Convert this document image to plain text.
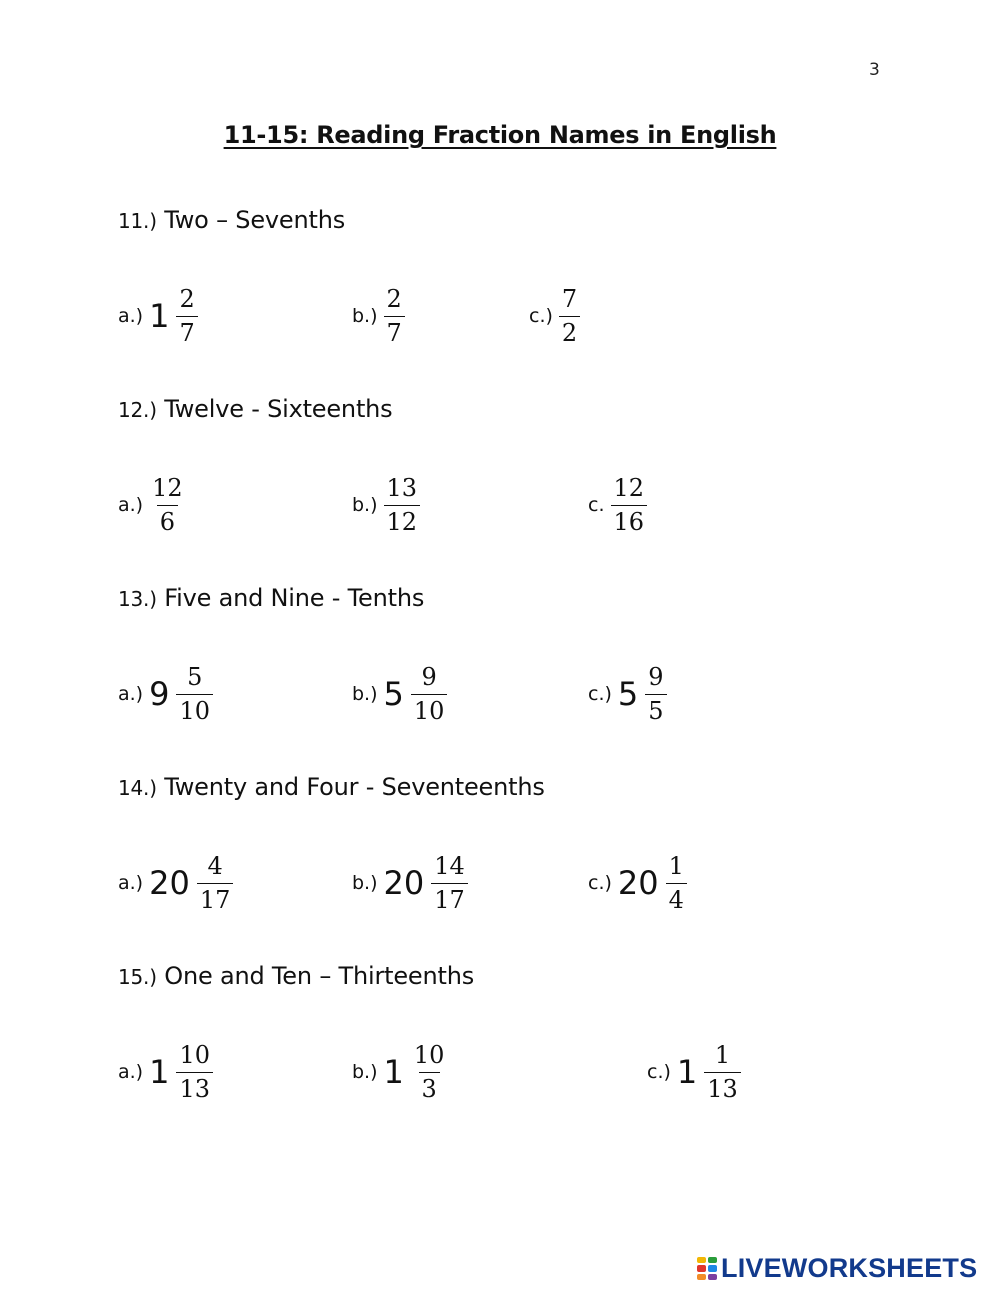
3
11-15: Reading Fraction Names in English
11.) Two – Sevenths
a.) $1 \frac{2}{7}$	$b.) \frac{2}{7}$	$c.) \frac{7}{2}$
12.) Twelve - Sixteenths
$a.) \frac{12}{6}$	$b.) \frac{13}{12}$	c. $\frac{12}{16}$
13.) Five and Nine - Tenths
a.) $9 \frac{5}{10}$	b.) $5 \frac{9}{10}$	c.) $5 \frac{9}{5}$
14.) Twenty and Four - Seventeenths
a.) $20 \frac{4}{17}$	b.) $20 \frac{14}{17}$	c.) $20 \frac{1}{4}$
15.) One and Ten – Thirteenths
a.) $1 \frac{10}{13}$	b.) $1 \frac{10}{3}$	c.) $1 \frac{1}{13}$
LIVEWORKSHEETS
